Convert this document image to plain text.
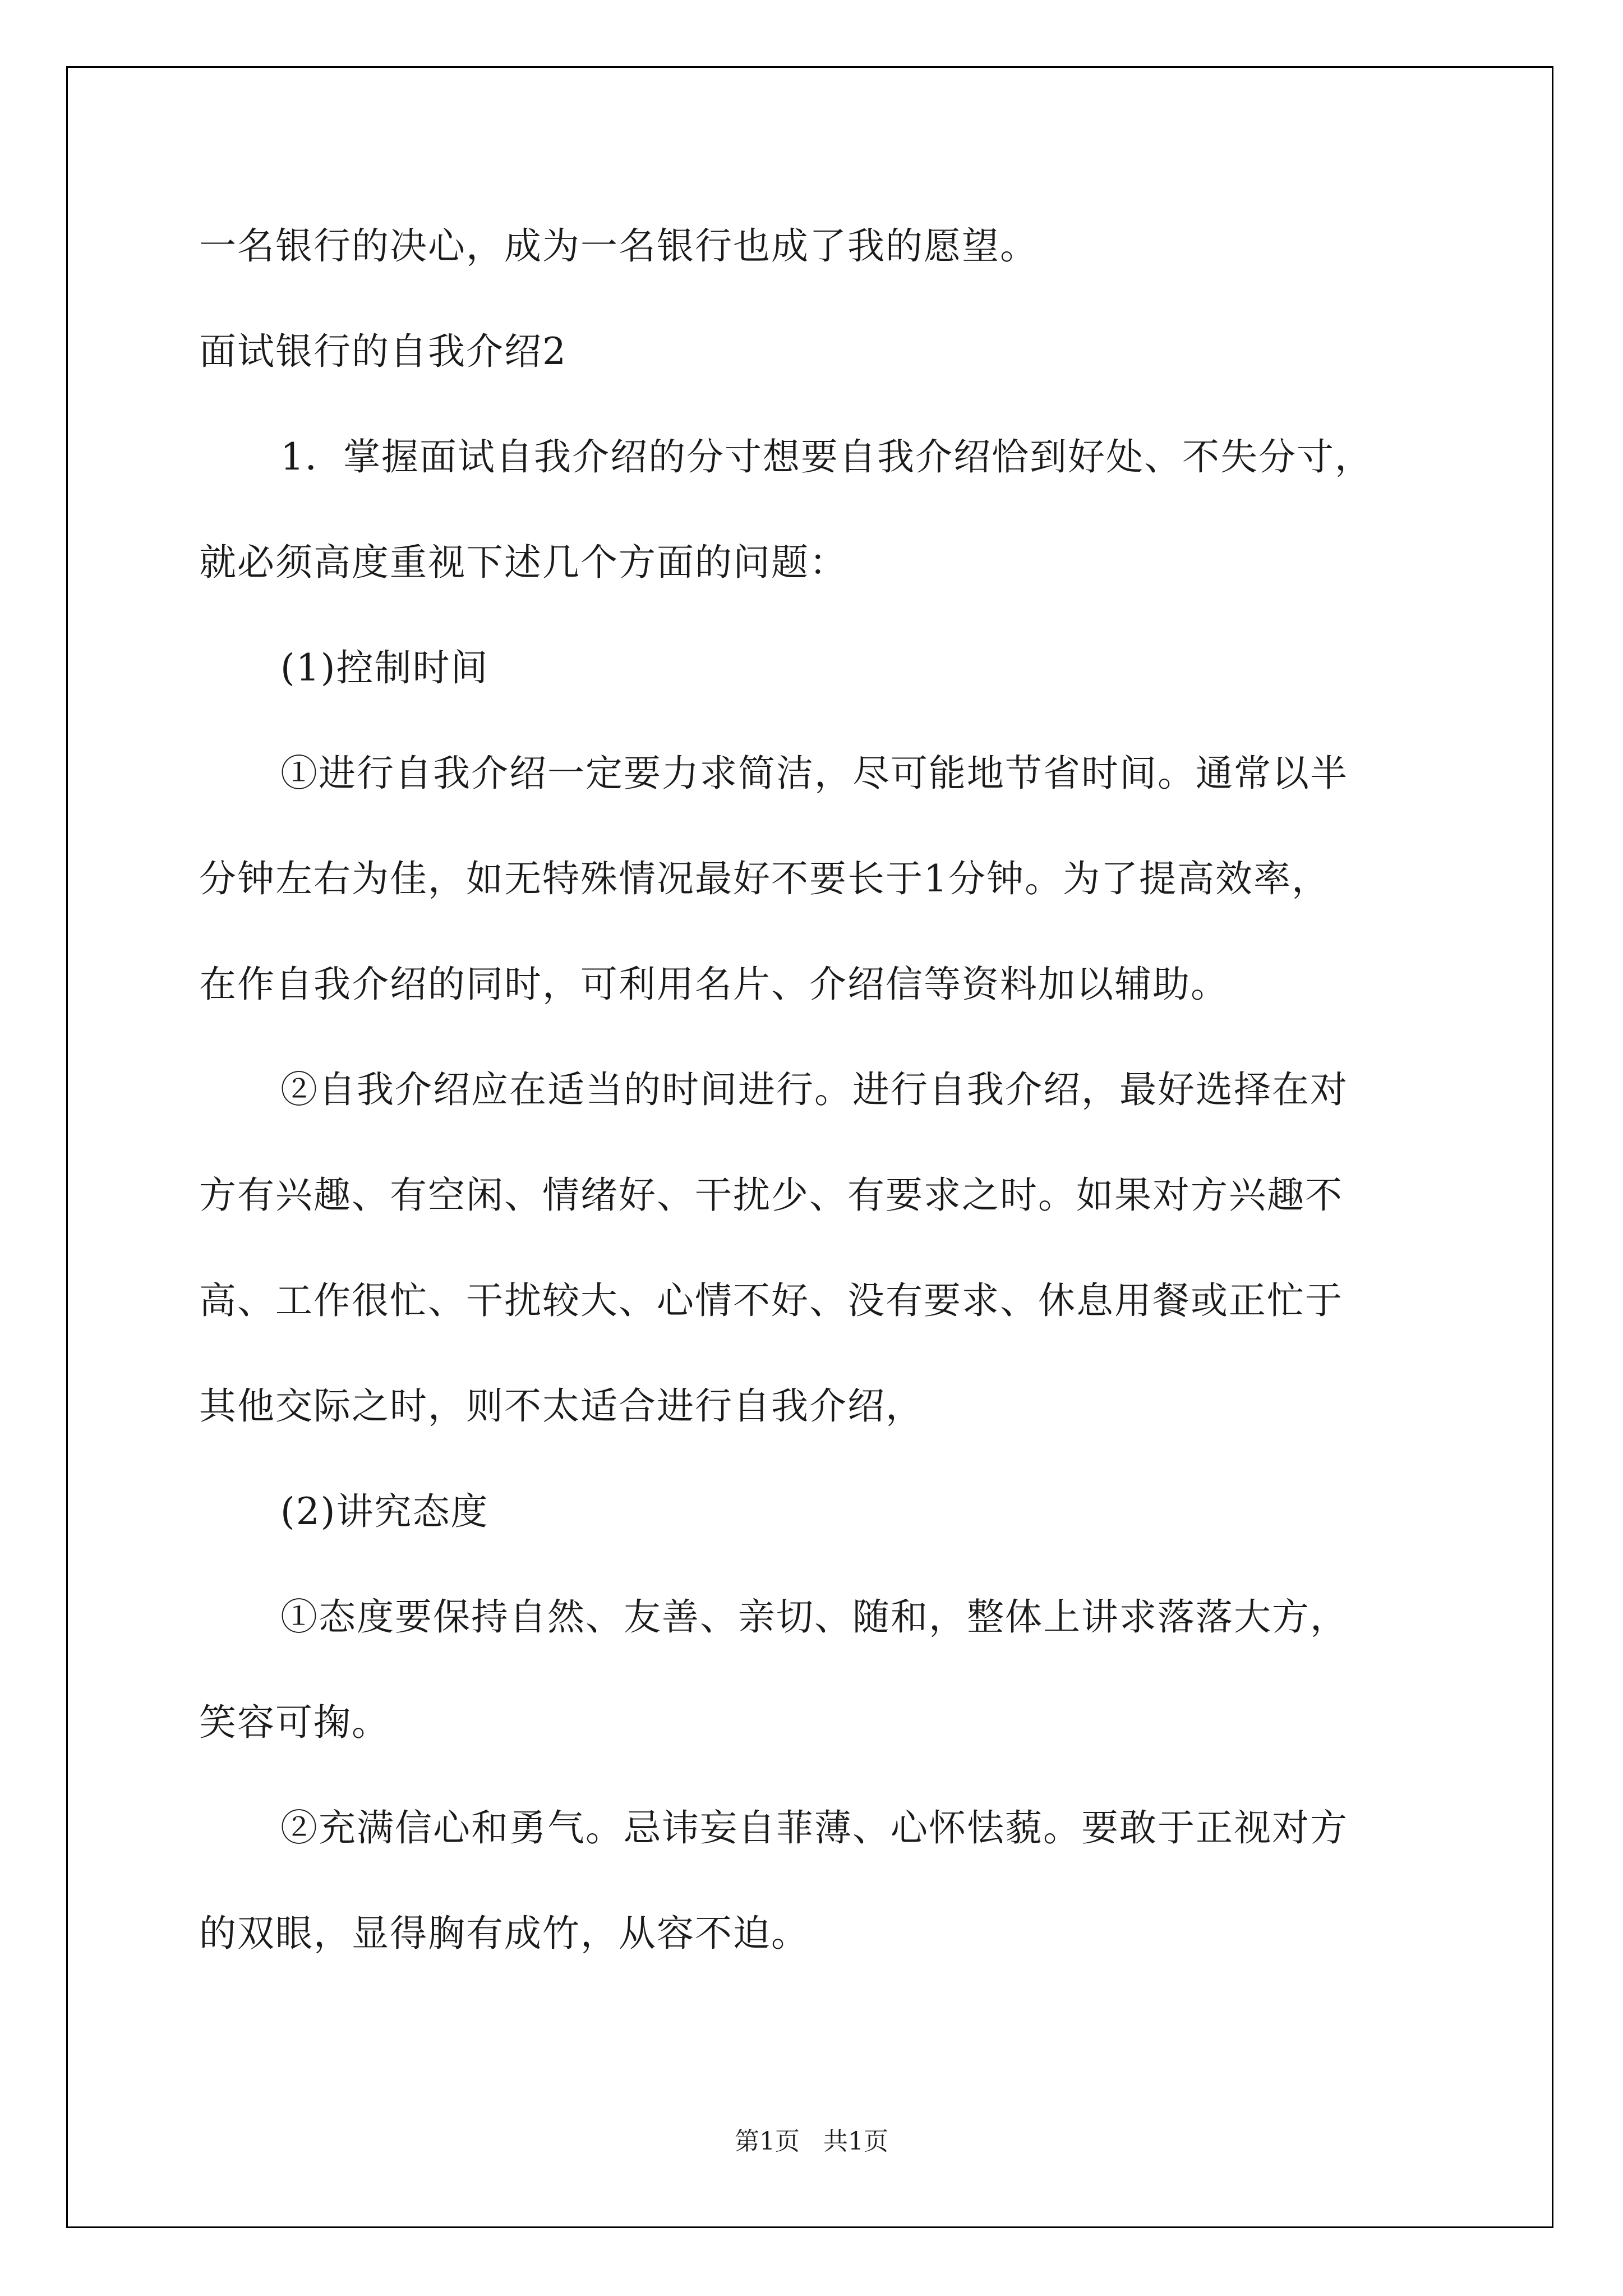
一名银行的决心，成为一名银行也成了我的愿望。
面试银行的自我介绍2
1．掌握面试自我介绍的分寸想要自我介绍恰到好处、不失分寸，
就必须高度重视下述几个方面的问题：
(1)控制时间
①进行自我介绍一定要力求简洁，尽可能地节省时间。通常以半
分钟左右为佳，如无特殊情况最好不要长于1分钟。为了提高效率，
在作自我介绍的同时，可利用名片、介绍信等资料加以辅助。
②自我介绍应在适当的时间进行。进行自我介绍，最好选择在对
方有兴趣、有空闲、情绪好、干扰少、有要求之时。如果对方兴趣不
高、工作很忙、干扰较大、心情不好、没有要求、休息用餐或正忙于
其他交际之时，则不太适合进行自我介绍，
(2)讲究态度
①态度要保持自然、友善、亲切、随和，整体上讲求落落大方，
笑容可掬。
②充满信心和勇气。忌讳妄自菲薄、心怀怯藐。要敢于正视对方
的双眼，显得胸有成竹，从容不迫。
第1页   共1页
